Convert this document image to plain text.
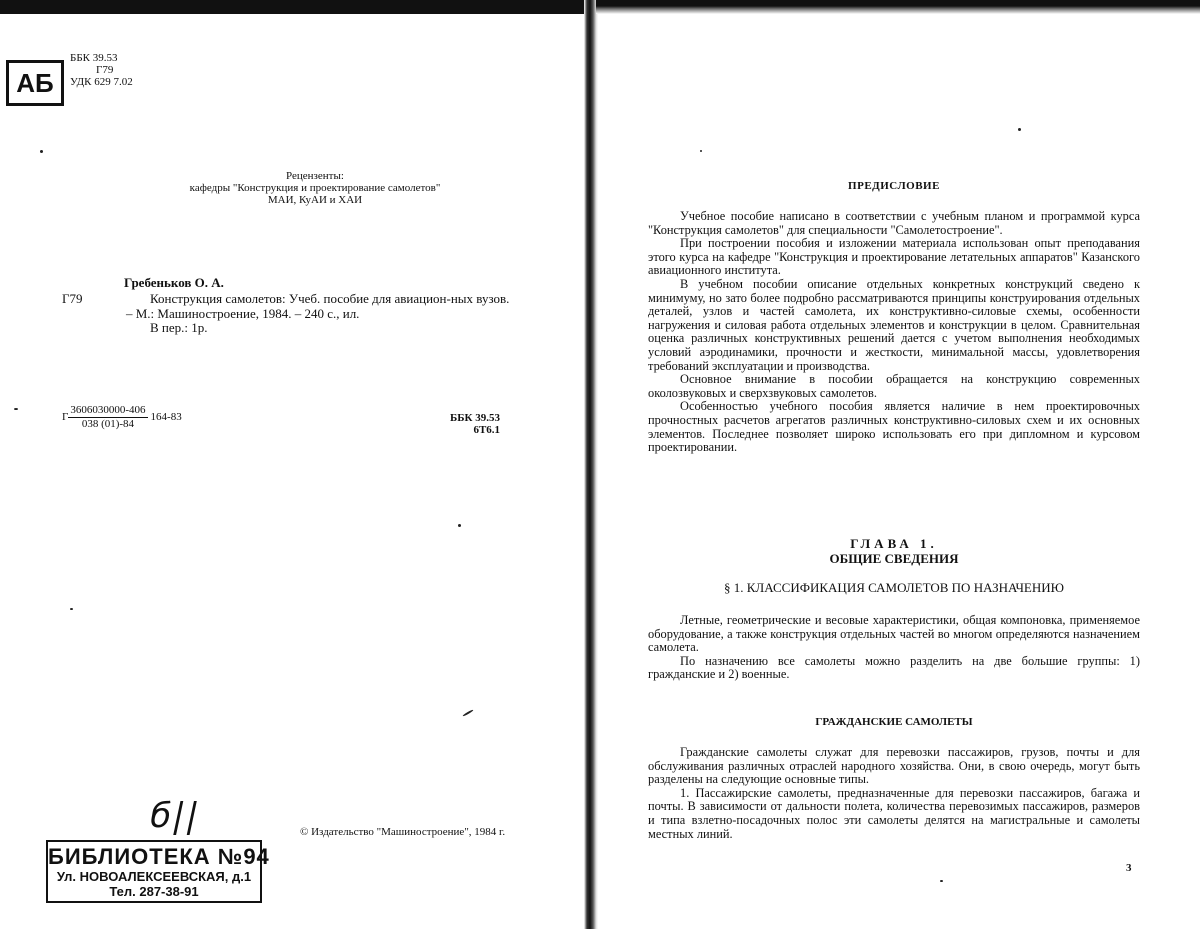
АБ
ББК 39.53
Г79
УДК 629 7.02
Рецензенты:
кафедры "Конструкция и проектирование самолетов"
МАИ, КуАИ и ХАИ
Гребеньков О. А.
Г79	Конструкция самолетов: Учеб. пособие для авиацион-ных вузов. – М.: Машиностроение, 1984. – 240 с., ил.
В пер.: 1р.
Г $\frac{3606030000-406}{038 (01)-84} 164-83$	ББК 39.53
6Т6.1
б||
БИБЛИОТЕКА №94
Ул. НОВОАЛЕКСЕЕВСКАЯ, д.1
Тел. 287-38-91
© Издательство "Машиностроение", 1984 г.
ПРЕДИСЛОВИЕ

Учебное пособие написано в соответствии с учебным планом и программой курса "Конструкция самолетов" для специальности "Самолетостроение".

При построении пособия и изложении материала использован опыт преподавания этого курса на кафедре "Конструкция и проектирование летательных аппаратов" Казанского авиационного института.

В учебном пособии описание отдельных конкретных конструкций сведено к минимуму, но зато более подробно рассматриваются принципы конструирования отдельных деталей, узлов и частей самолета, их конструктивно-силовые схемы, особенности нагружения и силовая работа отдельных элементов и конструкции в целом. Сравнительная оценка различных конструктивных решений дается с учетом выполнения необходимых условий аэродинамики, прочности и жесткости, минимальной массы, удовлетворения требований эксплуатации и производства.

Основное внимание в пособии обращается на конструкцию современных околозвуковых и сверхзвуковых самолетов.

Особенностью учебного пособия является наличие в нем проектировочных прочностных расчетов агрегатов различных конструктивно-силовых схем и их основных элементов. Последнее позволяет широко использовать его при дипломном и курсовом проектировании.

ГЛАВА 1.
ОБЩИЕ СВЕДЕНИЯ
§ 1. КЛАССИФИКАЦИЯ САМОЛЕТОВ ПО НАЗНАЧЕНИЮ

Летные, геометрические и весовые характеристики, общая компоновка, применяемое оборудование, а также конструкция отдельных частей во многом определяются назначением самолета.

По назначению все самолеты можно разделить на две большие группы: 1) гражданские и 2) военные.

ГРАЖДАНСКИЕ САМОЛЕТЫ

Гражданские самолеты служат для перевозки пассажиров, грузов, почты и для обслуживания различных отраслей народного хозяйства. Они, в свою очередь, могут быть разделены на следующие основные типы.

1. Пассажирские самолеты, предназначенные для перевозки пассажиров, багажа и почты. В зависимости от дальности полета, количества перевозимых пассажиров, размеров и типа взлетно-посадочных полос эти самолеты делятся на магистральные и самолеты местных линий.

3
